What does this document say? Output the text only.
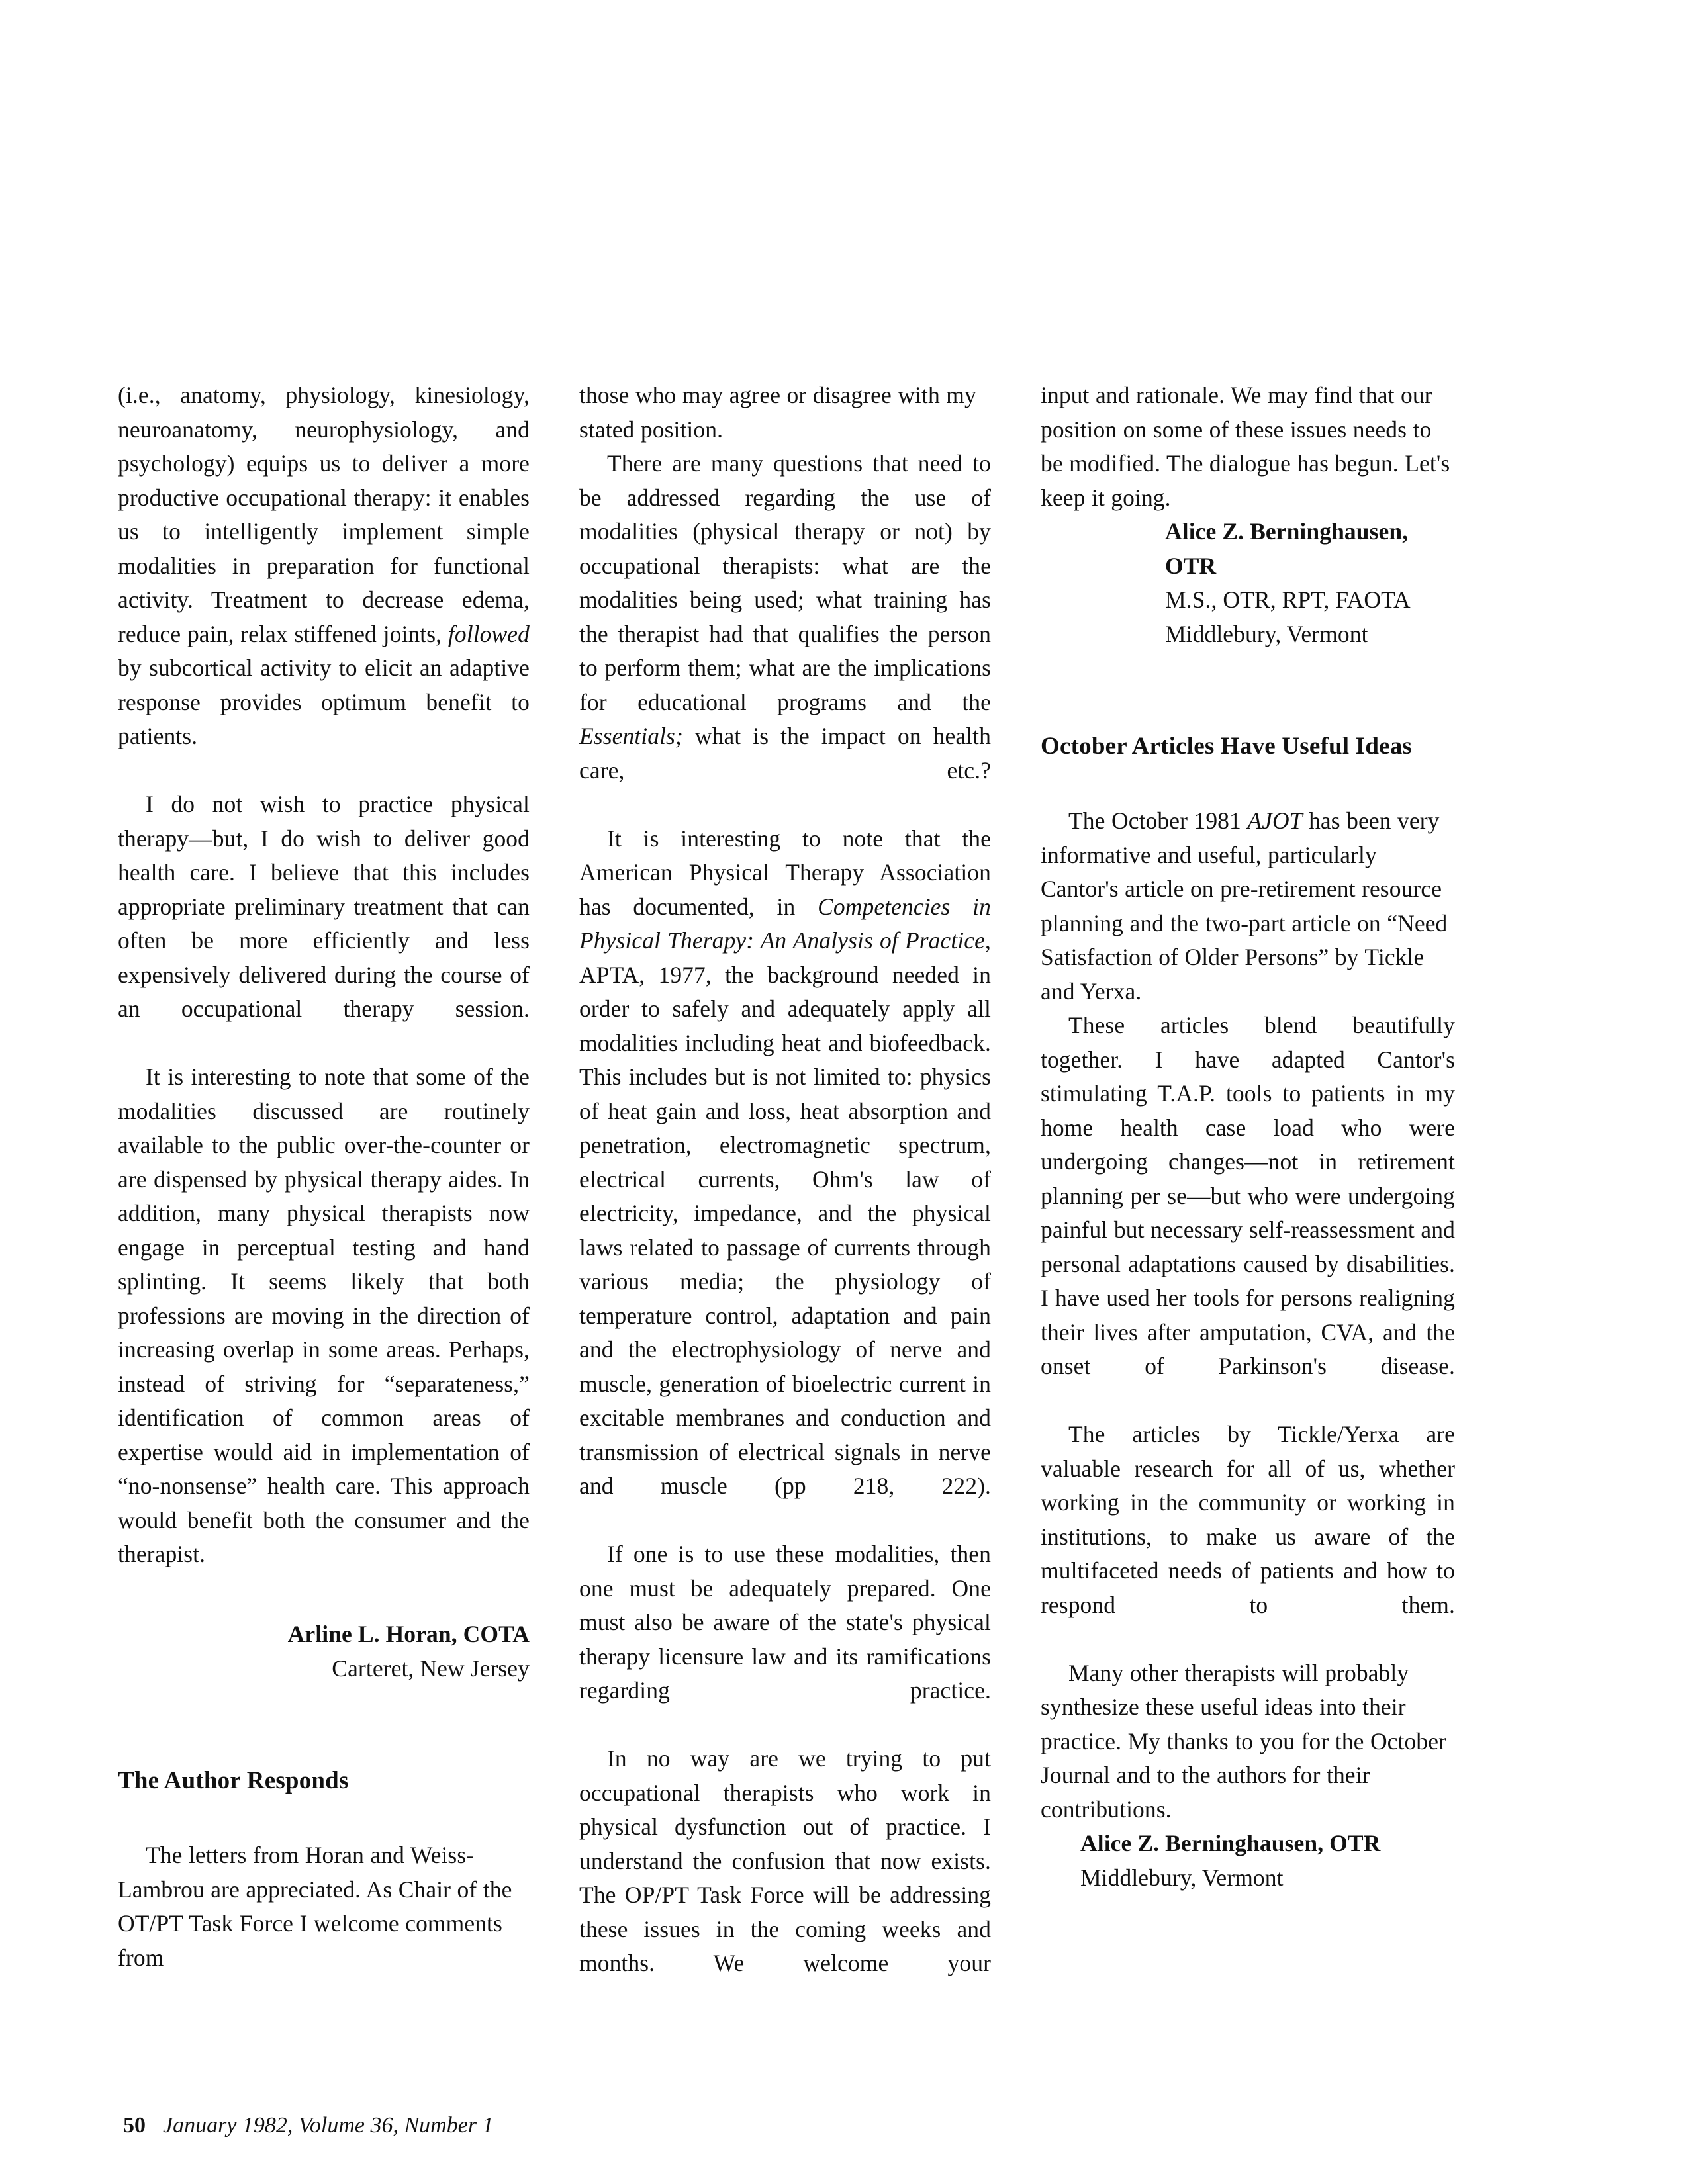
(i.e., anatomy, physiology, kinesiology, neuroanatomy, neurophysiology, and psychology) equips us to deliver a more productive occupational therapy: it enables us to intelligently implement simple modalities in preparation for functional activity. Treatment to decrease edema, reduce pain, relax stiffened joints, followed by subcortical activity to elicit an adaptive response provides optimum benefit to patients.

I do not wish to practice physical therapy—but, I do wish to deliver good health care. I believe that this includes appropriate preliminary treatment that can often be more efficiently and less expensively delivered during the course of an occupational therapy session.

It is interesting to note that some of the modalities discussed are routinely available to the public over-the-counter or are dispensed by physical therapy aides. In addition, many physical therapists now engage in perceptual testing and hand splinting. It seems likely that both professions are moving in the direction of increasing overlap in some areas. Perhaps, instead of striving for “separateness,” identification of common areas of expertise would aid in implementation of “no-nonsense” health care. This approach would benefit both the consumer and the therapist.

Arline L. Horan, COTA

Carteret, New Jersey

The Author Responds

The letters from Horan and Weiss-Lambrou are appreciated. As Chair of the OT/PT Task Force I welcome comments from

those who may agree or disagree with my stated position.

There are many questions that need to be addressed regarding the use of modalities (physical therapy or not) by occupational therapists: what are the modalities being used; what training has the therapist had that qualifies the person to perform them; what are the implications for educational programs and the Essentials; what is the impact on health care, etc.?

It is interesting to note that the American Physical Therapy Association has documented, in Competencies in Physical Therapy: An Analysis of Practice, APTA, 1977, the background needed in order to safely and adequately apply all modalities including heat and biofeedback. This includes but is not limited to: physics of heat gain and loss, heat absorption and penetration, electromagnetic spectrum, electrical currents, Ohm's law of electricity, impedance, and the physical laws related to passage of currents through various media; the physiology of temperature control, adaptation and pain and the electrophysiology of nerve and muscle, generation of bioelectric current in excitable membranes and conduction and transmission of electrical signals in nerve and muscle (pp 218, 222).

If one is to use these modalities, then one must be adequately prepared. One must also be aware of the state's physical therapy licensure law and its ramifications regarding practice.

In no way are we trying to put occupational therapists who work in physical dysfunction out of practice. I understand the confusion that now exists. The OP/PT Task Force will be addressing these issues in the coming weeks and months. We welcome your

input and rationale. We may find that our position on some of these issues needs to be modified. The dialogue has begun. Let's keep it going.

Alice Z. Berninghausen, OTR

M.S., OTR, RPT, FAOTA

Middlebury, Vermont

October Articles Have Useful Ideas

The October 1981 AJOT has been very informative and useful, particularly Cantor's article on pre-retirement resource planning and the two-part article on “Need Satisfaction of Older Persons” by Tickle and Yerxa.

These articles blend beautifully together. I have adapted Cantor's stimulating T.A.P. tools to patients in my home health case load who were undergoing changes—not in retirement planning per se—but who were undergoing painful but necessary self-reassessment and personal adaptations caused by disabilities. I have used her tools for persons realigning their lives after amputation, CVA, and the onset of Parkinson's disease.

The articles by Tickle/Yerxa are valuable research for all of us, whether working in the community or working in institutions, to make us aware of the multifaceted needs of patients and how to respond to them.

Many other therapists will probably synthesize these useful ideas into their practice. My thanks to you for the October Journal and to the authors for their contributions.

Alice Z. Berninghausen, OTR

Middlebury, Vermont

50 January 1982, Volume 36, Number 1
